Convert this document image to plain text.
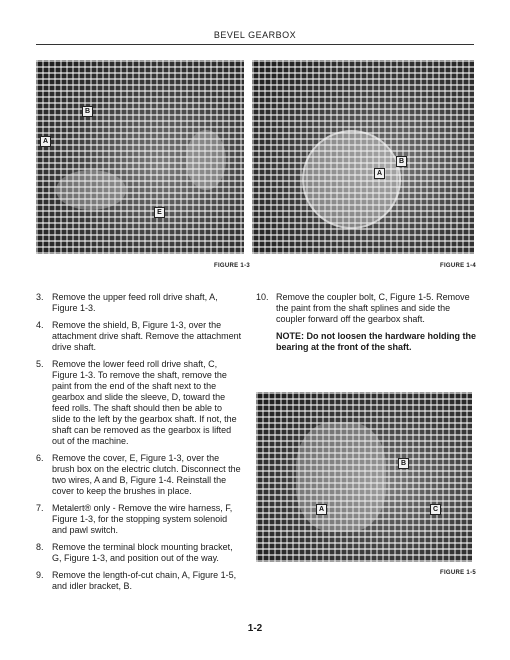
BEVEL GEARBOX
B
A
E
FIGURE 1-3
A
B
FIGURE 1-4
3. Remove the upper feed roll drive shaft, A, Figure 1-3.
4. Remove the shield, B, Figure 1-3, over the attachment drive shaft. Remove the attachment drive shaft.
5. Remove the lower feed roll drive shaft, C, Figure 1-3. To remove the shaft, remove the paint from the end of the shaft next to the gearbox and slide the sleeve, D, toward the feed rolls. The shaft should then be able to slide to the left by the gearbox shaft. If not, the shaft can be removed as the gearbox is lifted out of the machine.
6. Remove the cover, E, Figure 1-3, over the brush box on the electric clutch. Disconnect the two wires, A and B, Figure 1-4. Reinstall the cover to keep the brushes in place.
7. Metalert® only - Remove the wire harness, F, Figure 1-3, for the stopping system solenoid and pawl switch.
8. Remove the terminal block mounting bracket, G, Figure 1-3, and position out of the way.
9. Remove the length-of-cut chain, A, Figure 1-5, and idler bracket, B.
10. Remove the coupler bolt, C, Figure 1-5. Remove the paint from the shaft splines and side the coupler forward off the gearbox shaft.
NOTE: Do not loosen the hardware holding the bearing at the front of the shaft.
B
A	C
FIGURE 1-5
1-2
